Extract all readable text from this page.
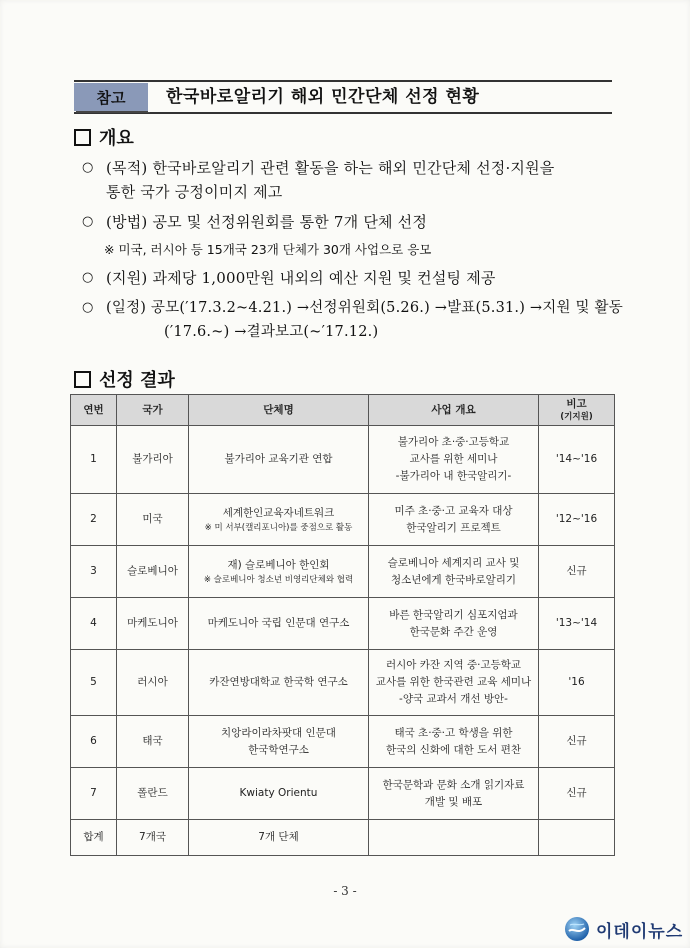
참고	한국바로알리기 해외 민간단체 선정 현황
개요
○ (목적) 한국바로알리기 관련 활동을 하는 해외 민간단체 선정·지원을
통한 국가 긍정이미지 제고
○ (방법) 공모 및 선정위원회를 통한 7개 단체 선정
※ 미국, 러시아 등 15개국 23개 단체가 30개 사업으로 응모
○ (지원) 과제당 1,000만원 내외의 예산 지원 및 컨설팅 제공
○ (일정) 공모(′17.3.2~4.21.) →선정위원회(5.26.) →발표(5.31.) →지원 및 활동
(′17.6.~) →결과보고(~′17.12.)
선정 결과
연번	국가	단체명	사업 개요	비고
(기지원)

1	불가리아	불가리아 교육기관 연합	불가리아 초·중·고등학교
교사를 위한 세미나
-불가리아 내 한국알리기-	'14~'16
2	미국	세계한인교육자네트워크
※ 미 서부(캘리포니아)를 중점으로 활동	미주 초·중·고 교육자 대상
한국알리기 프로젝트	'12~'16
3	슬로베니아	재) 슬로베니아 한인회
※ 슬로베니아 청소년 비영리단체와 협력	슬로베니아 세계지리 교사 및
청소년에게 한국바로알리기	신규
4	마케도니아	마케도니아 국립 인문대 연구소	바른 한국알리기 심포지엄과
한국문화 주간 운영	'13~'14
5	러시아	카잔연방대학교 한국학 연구소	러시아 카잔 지역 중·고등학교
교사를 위한 한국관련 교육 세미나
-양국 교과서 개선 방안-	'16
6	태국	치앙라이라차팟대 인문대
한국학연구소	태국 초·중·고 학생을 위한
한국의 신화에 대한 도서 편찬	신규
7	폴란드	Kwiaty Orientu	한국문학과 문화 소개 읽기자료
개발 및 배포	신규
합계	7개국	7개 단체		
- 3 -
이데이뉴스
